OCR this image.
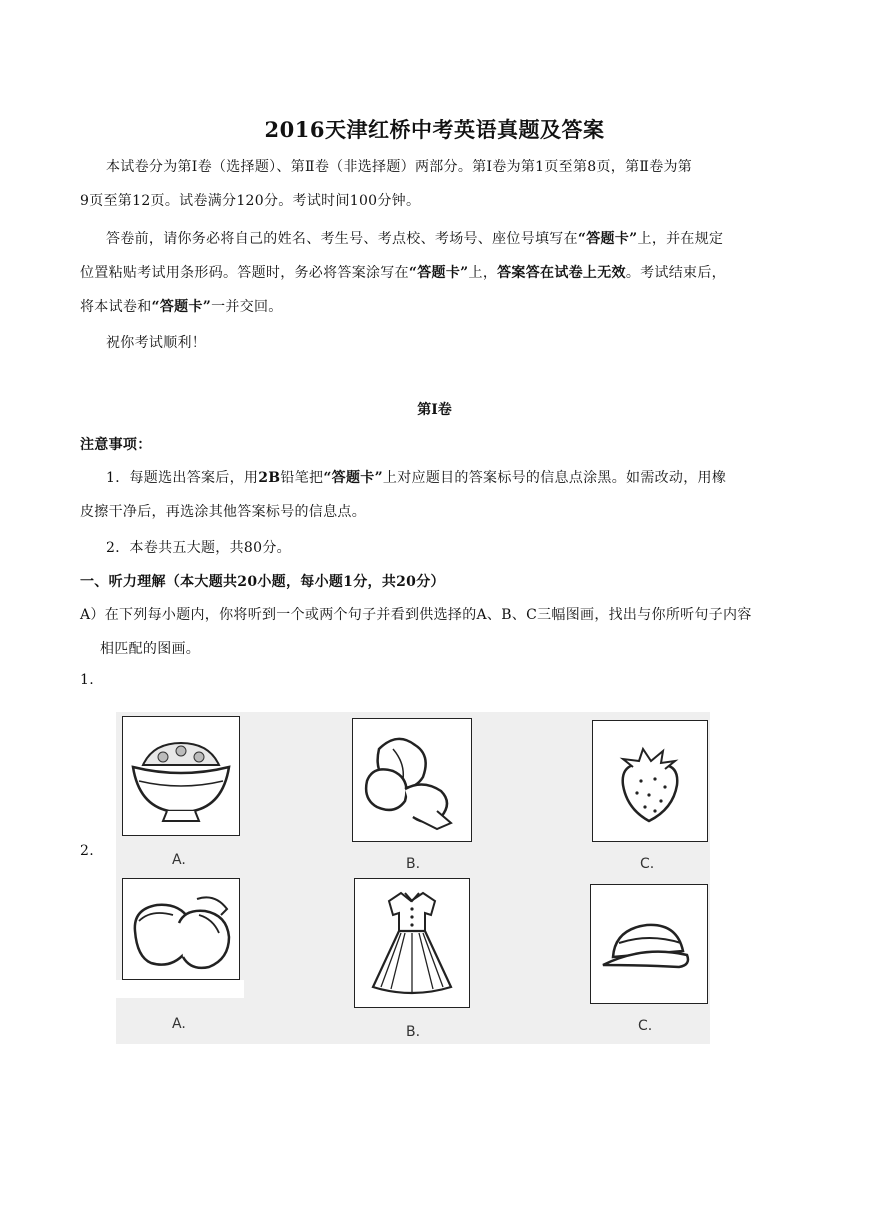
2016天津红桥中考英语真题及答案
本试卷分为第Ⅰ卷（选择题）、第Ⅱ卷（非选择题）两部分。第Ⅰ卷为第1页至第8页，第Ⅱ卷为第
9页至第12页。试卷满分120分。考试时间100分钟。
答卷前，请你务必将自己的姓名、考生号、考点校、考场号、座位号填写在“答题卡”上，并在规定
位置粘贴考试用条形码。答题时，务必将答案涂写在“答题卡”上，答案答在试卷上无效。考试结束后，
将本试卷和“答题卡”一并交回。
祝你考试顺利！
第Ⅰ卷
注意事项：
1．每题选出答案后，用2B铅笔把“答题卡”上对应题目的答案标号的信息点涂黑。如需改动，用橡
皮擦干净后，再选涂其他答案标号的信息点。
2．本卷共五大题，共80分。
一、听力理解（本大题共20小题，每小题1分，共20分）
A）在下列每小题内，你将听到一个或两个句子并看到供选择的A、B、C三幅图画，找出与你所听句子内容
相匹配的图画。
1.
A.	B.	C.
2.
A.	B.	C.
